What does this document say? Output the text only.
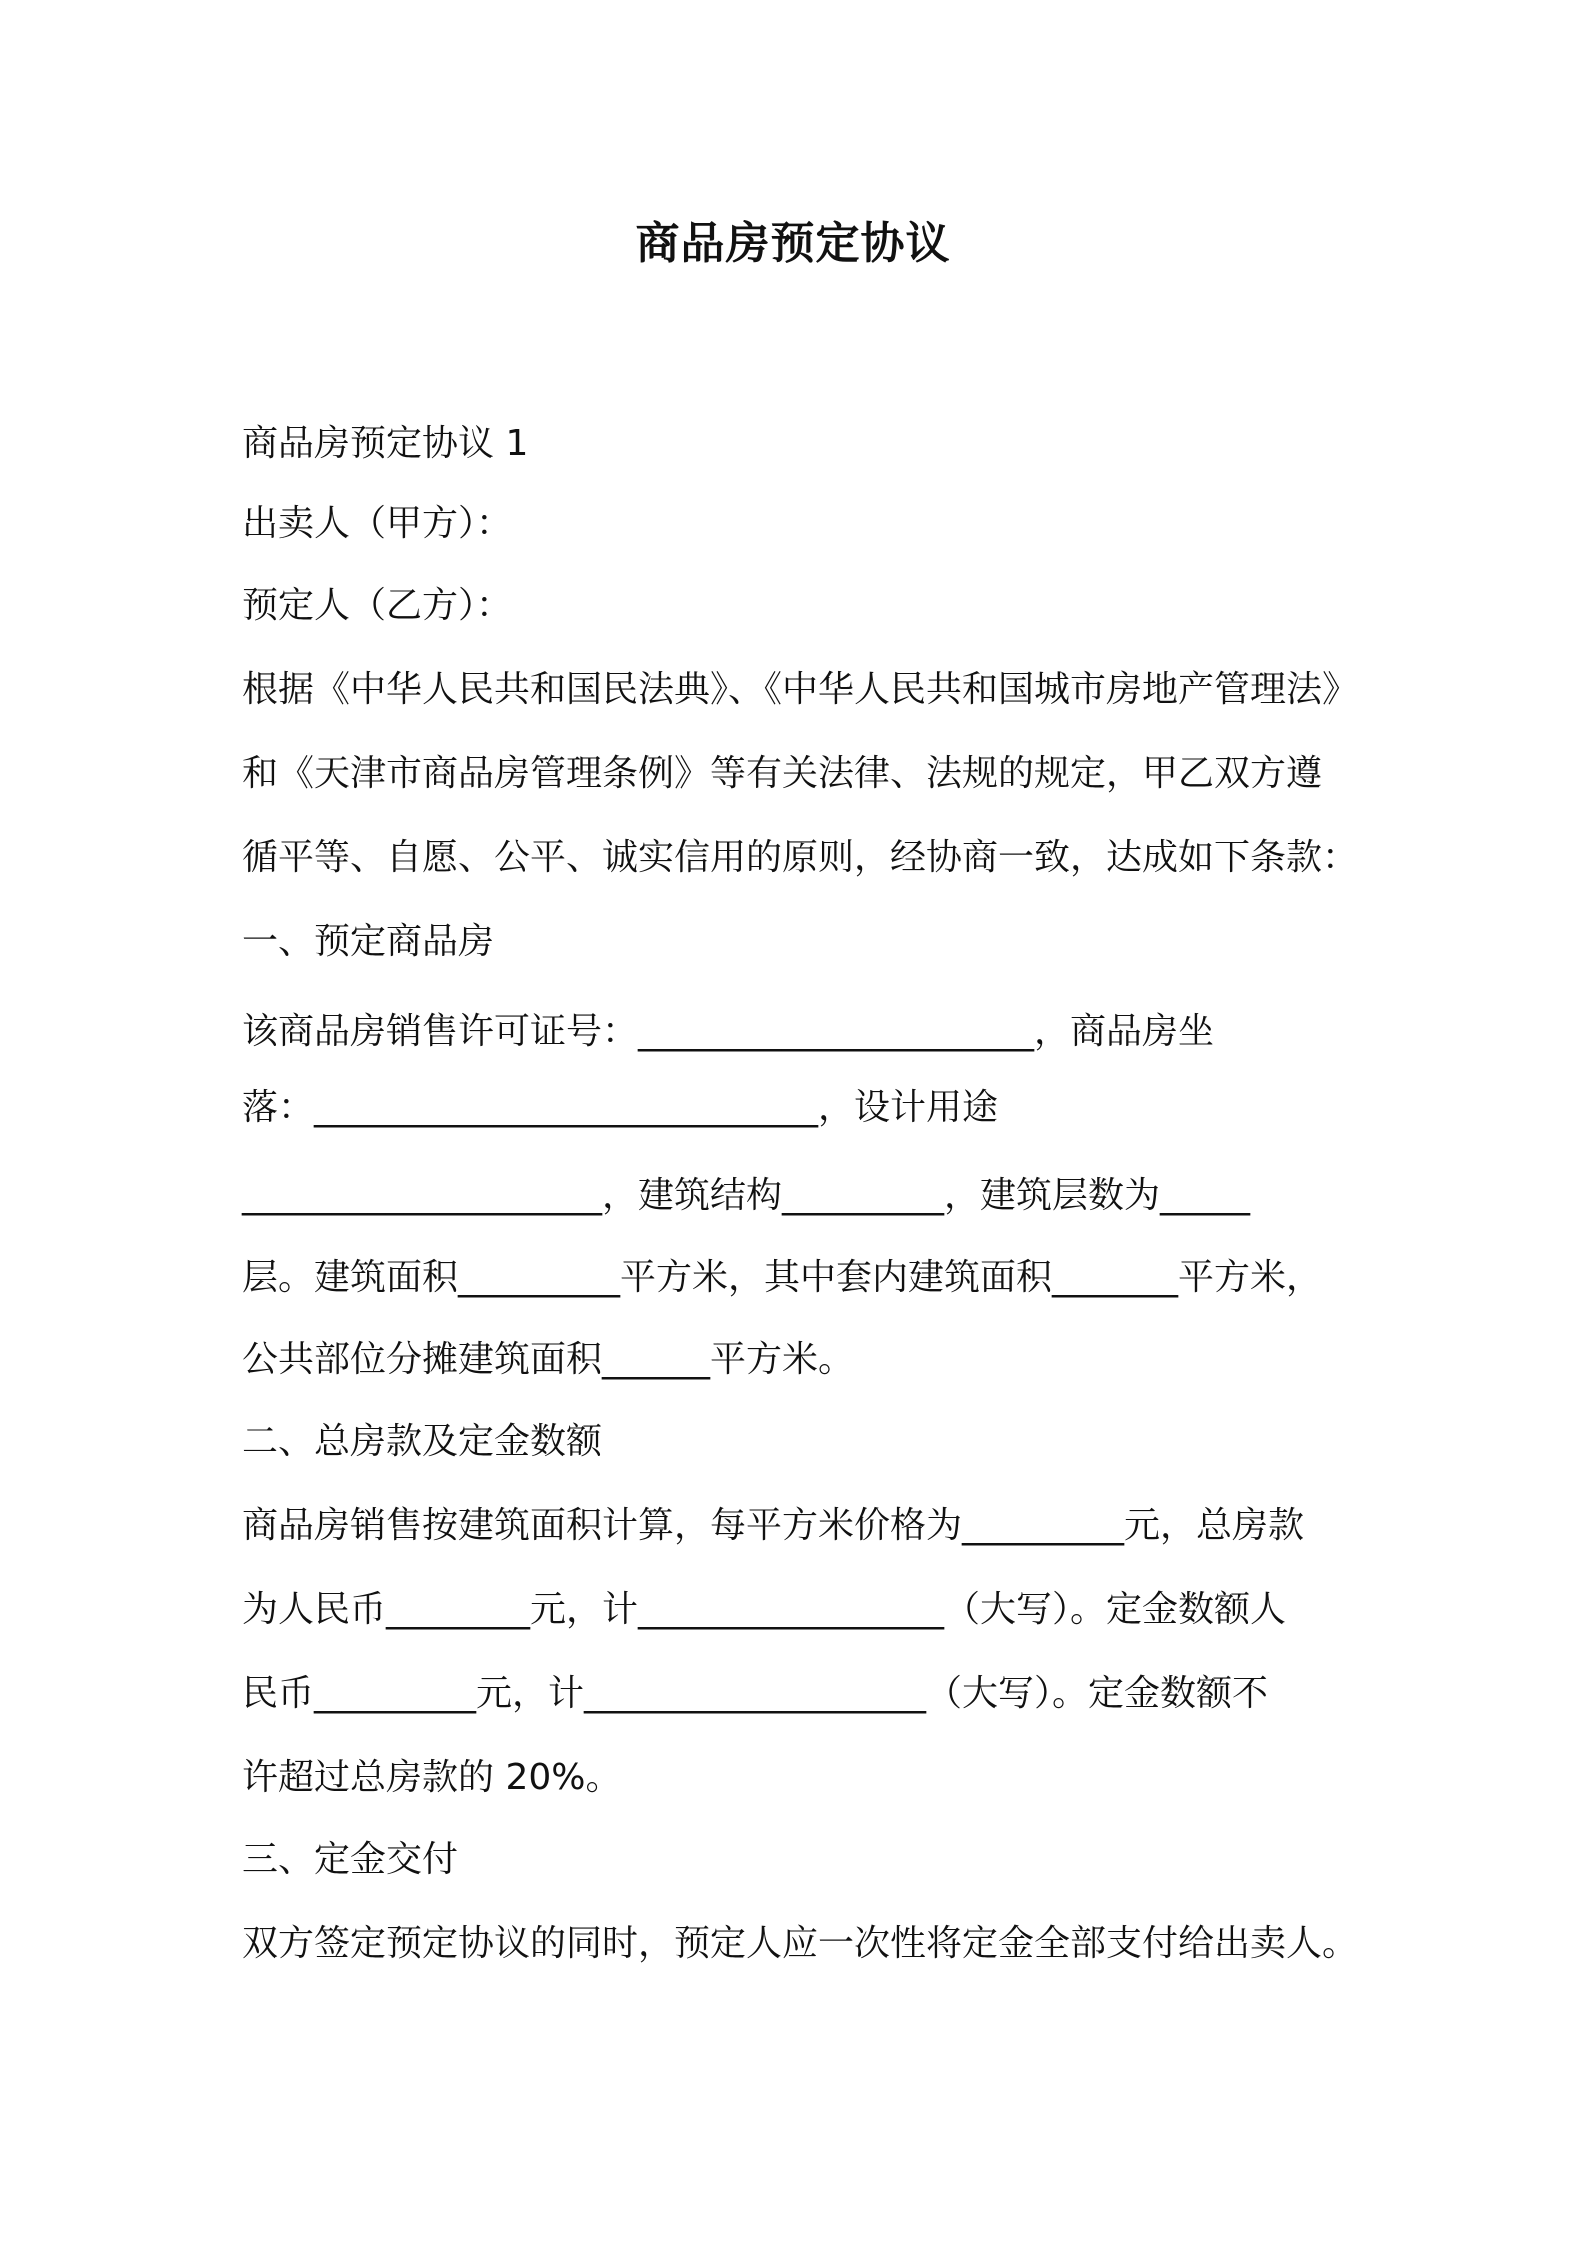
商品房预定协议
商品房预定协议 1
出卖人（甲方）：
预定人（乙方）：
根据《中华人民共和国民法典》、《中华人民共和国城市房地产管理法》
和《天津市商品房管理条例》等有关法律、法规的规定，甲乙双方遵
循平等、自愿、公平、诚实信用的原则，经协商一致，达成如下条款：
一、预定商品房
该商品房销售许可证号：______________________，商品房坐
落：____________________________，设计用途
____________________，建筑结构_________，建筑层数为_____
层。建筑面积_________平方米，其中套内建筑面积_______平方米，
公共部位分摊建筑面积______平方米。
二、总房款及定金数额
商品房销售按建筑面积计算，每平方米价格为_________元，总房款
为人民币________元，计_________________（大写）。定金数额人
民币_________元，计___________________（大写）。定金数额不
许超过总房款的 20%。
三、定金交付
双方签定预定协议的同时，预定人应一次性将定金全部支付给出卖人。
